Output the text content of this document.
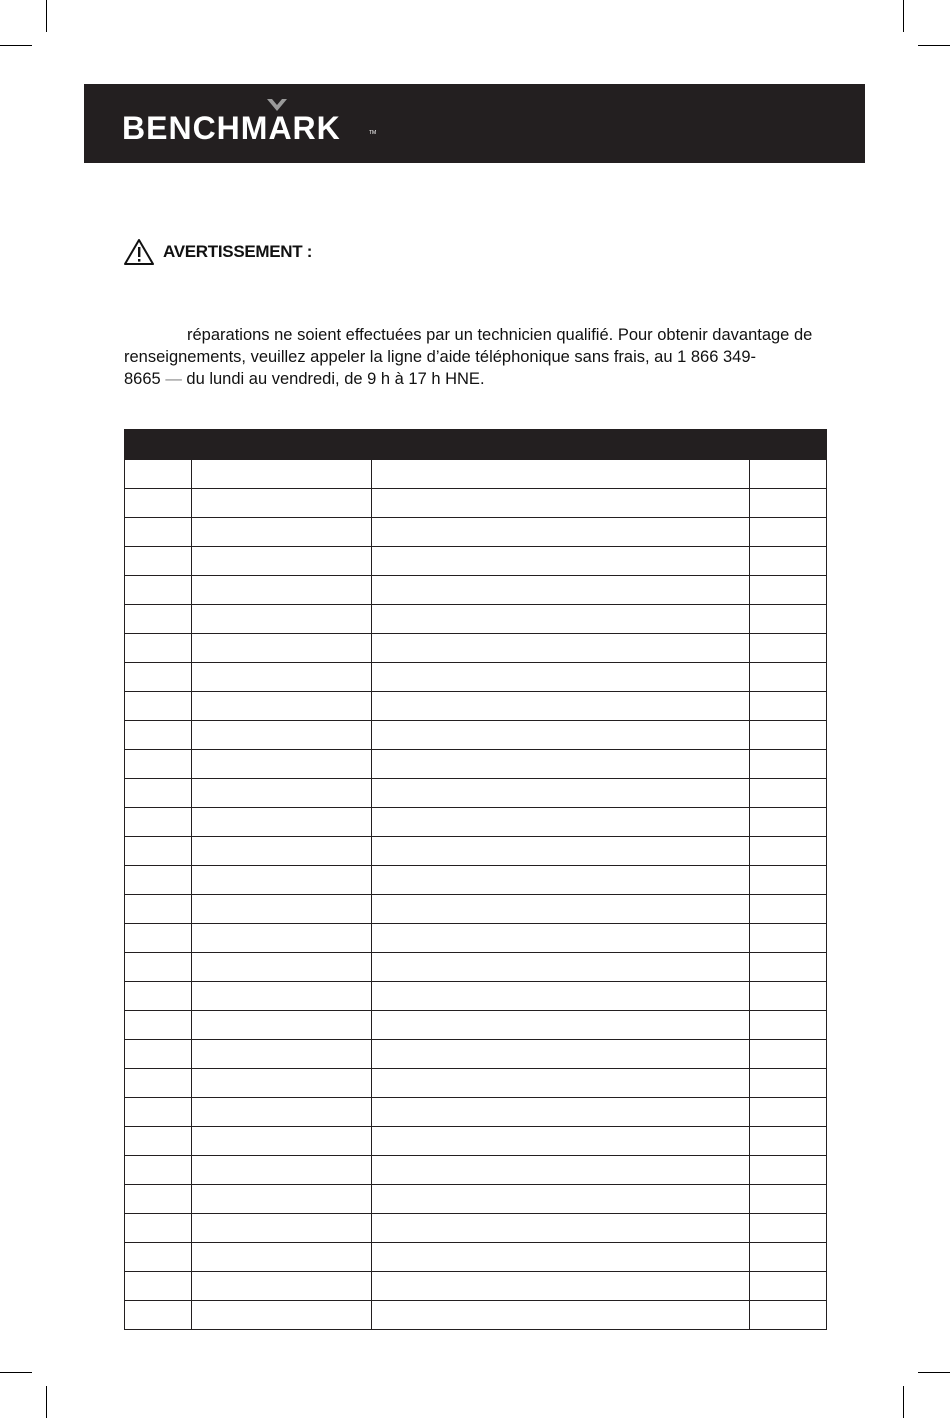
BENCHMARK	TM
AVERTISSEMENT :
réparations ne soient effectuées par un technicien qualifié. Pour obtenir davantage de
renseignements, veuillez appeler la ligne d’aide téléphonique sans frais, au 1 866 349-
8665 — du lundi au vendredi, de 9 h à 17 h HNE.
